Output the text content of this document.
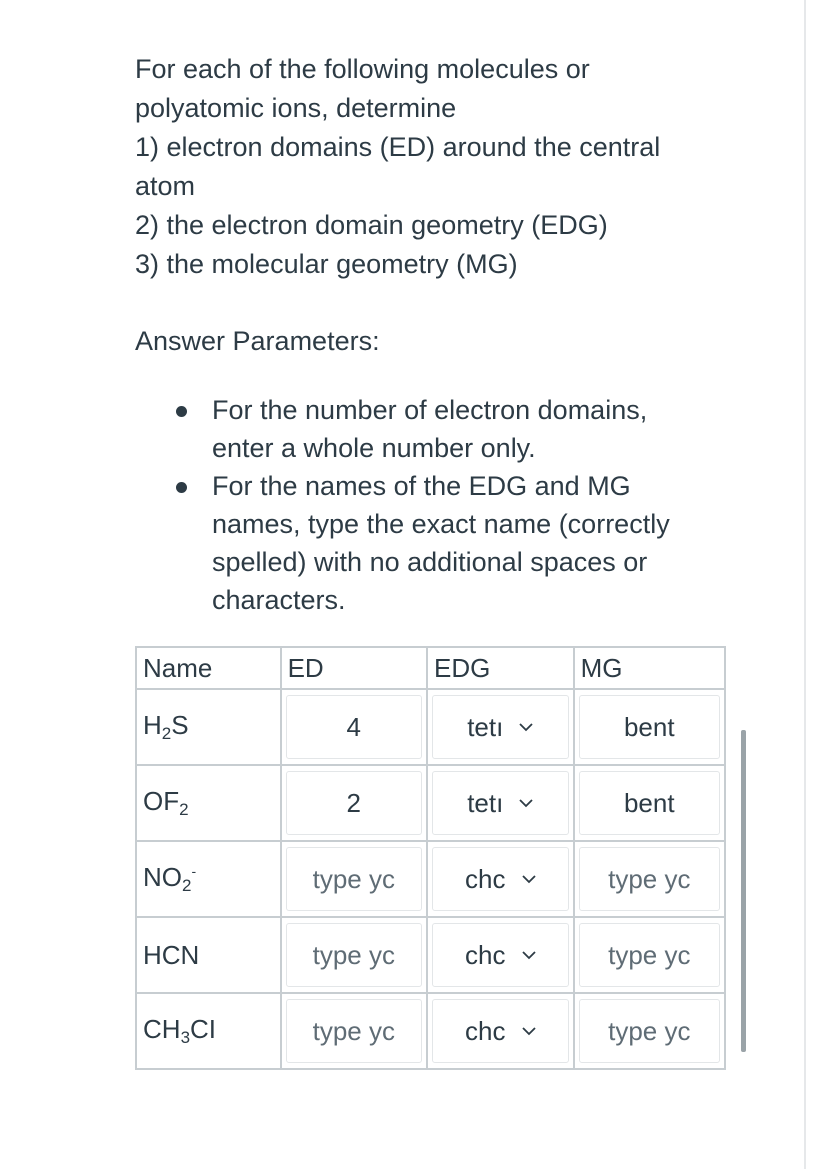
For each of the following molecules or
polyatomic ions, determine
1) electron domains (ED) around the central
atom
2) the electron domain geometry (EDG)
3) the molecular geometry (MG)

Answer Parameters:

For the number of electron domains,
enter a whole number only.
For the names of the EDG and MG
names, type the exact name (correctly
spelled) with no additional spaces or
characters.
Name	ED	EDG	MG
$H_2S$	4	tetı	bent

$OF_2$	2	tetı	bent

$NO_2^-$	type yc	chc	type yc

HCN	type yc	chc	type yc

$CH_3CI$	type yc	chc	type yc
